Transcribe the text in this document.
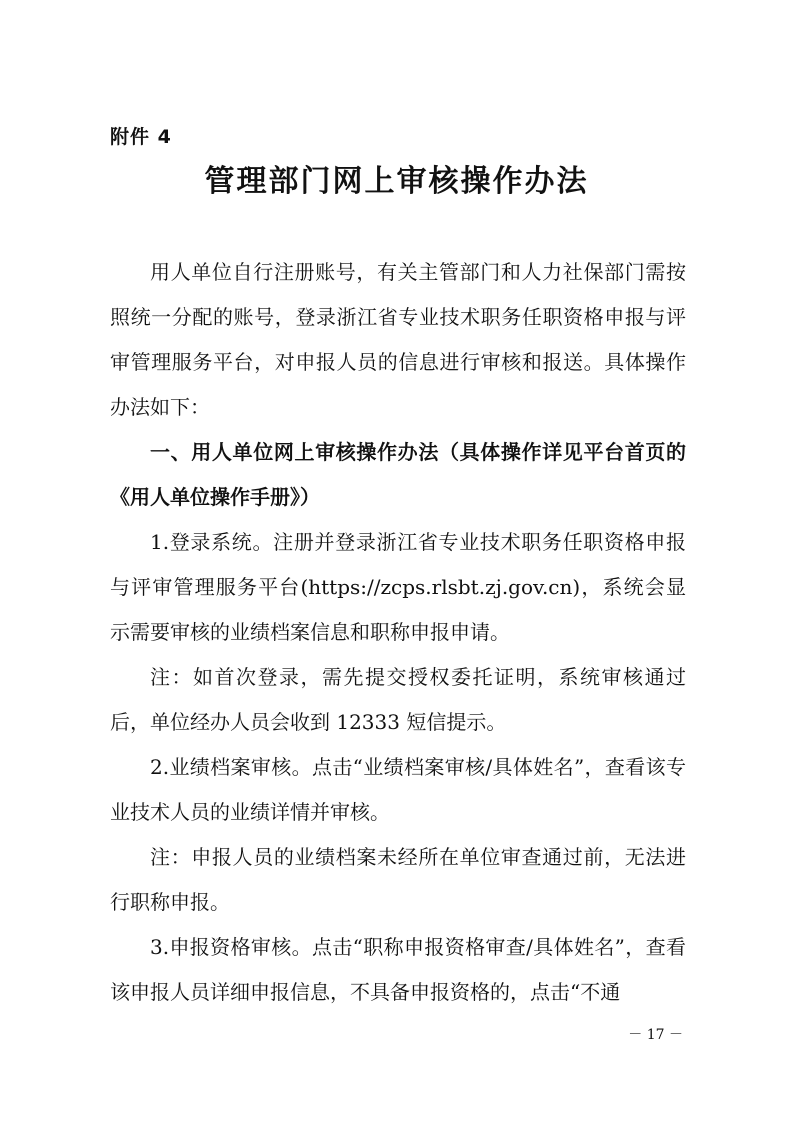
附件 4
管理部门网上审核操作办法

用人单位自行注册账号，有关主管部门和人力社保部门需按照统一分配的账号，登录浙江省专业技术职务任职资格申报与评审管理服务平台，对申报人员的信息进行审核和报送。具体操作办法如下：

一、用人单位网上审核操作办法（具体操作详见平台首页的《用人单位操作手册》）

1.登录系统。注册并登录浙江省专业技术职务任职资格申报与评审管理服务平台(https://zcps.rlsbt.zj.gov.cn)，系统会显示需要审核的业绩档案信息和职称申报申请。

注：如首次登录，需先提交授权委托证明，系统审核通过后，单位经办人员会收到 12333 短信提示。

2.业绩档案审核。点击“业绩档案审核/具体姓名”，查看该专业技术人员的业绩详情并审核。

注：申报人员的业绩档案未经所在单位审查通过前，无法进行职称申报。

3.申报资格审核。点击“职称申报资格审查/具体姓名”，查看该申报人员详细申报信息，不具备申报资格的，点击“不通

－ 17 －
